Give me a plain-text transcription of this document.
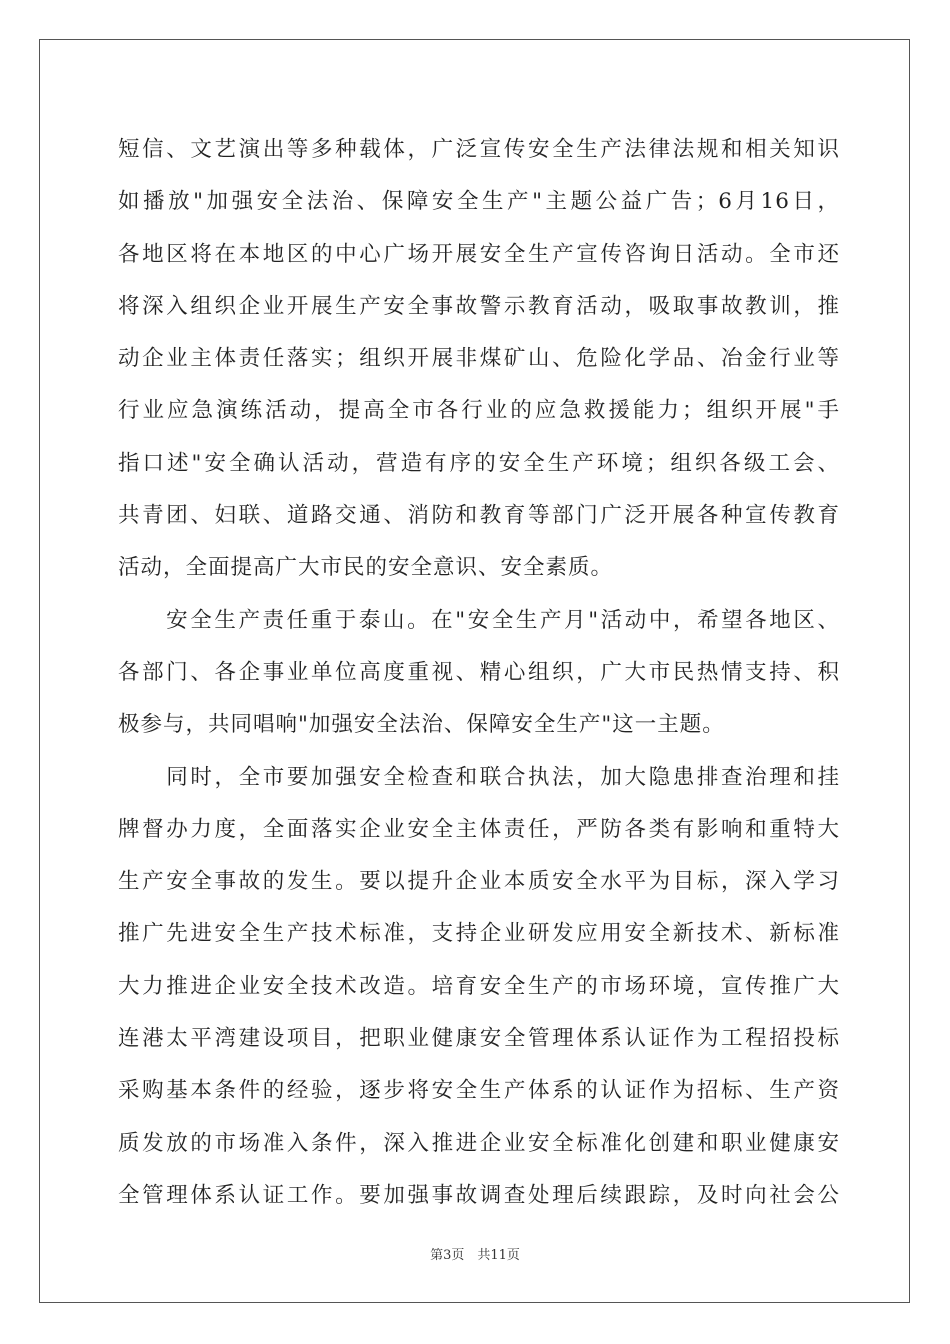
短信、文艺演出等多种载体，广泛宣传安全生产法律法规和相关知识
如播放"加强安全法治、保障安全生产"主题公益广告；6月16日，
各地区将在本地区的中心广场开展安全生产宣传咨询日活动。全市还
将深入组织企业开展生产安全事故警示教育活动，吸取事故教训，推
动企业主体责任落实；组织开展非煤矿山、危险化学品、冶金行业等
行业应急演练活动，提高全市各行业的应急救援能力；组织开展"手
指口述"安全确认活动，营造有序的安全生产环境；组织各级工会、
共青团、妇联、道路交通、消防和教育等部门广泛开展各种宣传教育
活动，全面提高广大市民的安全意识、安全素质。
　　安全生产责任重于泰山。在"安全生产月"活动中，希望各地区、
各部门、各企事业单位高度重视、精心组织，广大市民热情支持、积
极参与，共同唱响"加强安全法治、保障安全生产"这一主题。
　　同时，全市要加强安全检查和联合执法，加大隐患排查治理和挂
牌督办力度，全面落实企业安全主体责任，严防各类有影响和重特大
生产安全事故的发生。要以提升企业本质安全水平为目标，深入学习
推广先进安全生产技术标准，支持企业研发应用安全新技术、新标准
大力推进企业安全技术改造。培育安全生产的市场环境，宣传推广大
连港太平湾建设项目，把职业健康安全管理体系认证作为工程招投标
采购基本条件的经验，逐步将安全生产体系的认证作为招标、生产资
质发放的市场准入条件，深入推进企业安全标准化创建和职业健康安
全管理体系认证工作。要加强事故调查处理后续跟踪，及时向社会公
第3页　共11页
